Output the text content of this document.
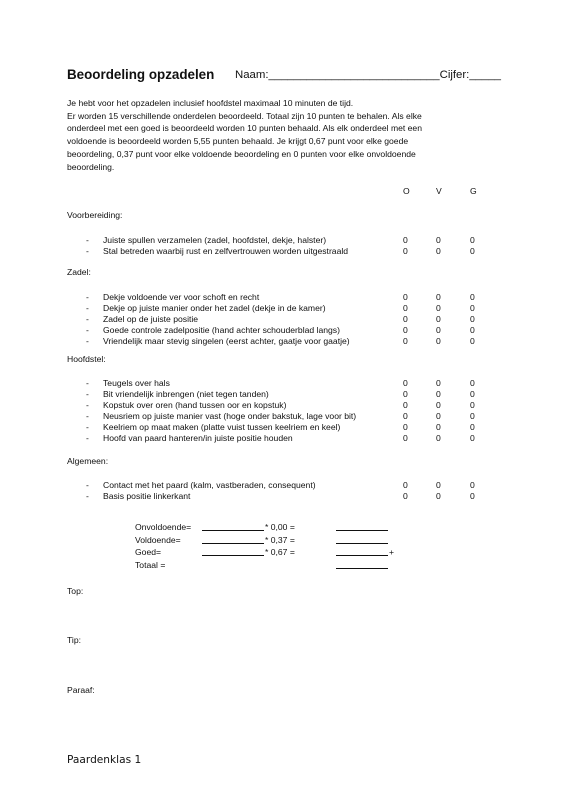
Beoordeling opzadelen Naam:___________________________Cijfer:_____
Je hebt voor het opzadelen inclusief hoofdstel maximaal 10 minuten de tijd.
Er worden 15 verschillende onderdelen beoordeeld. Totaal zijn 10 punten te behalen. Als elke
onderdeel met een goed is beoordeeld worden 10 punten behaald. Als elk onderdeel met een
voldoende is beoordeeld worden 5,55 punten behaald. Je krijgt 0,67 punt voor elke goede
beoordeling, 0,37 punt voor elke voldoende beoordeling en 0 punten voor elke onvoldoende
beoordeling.
O	V	G
Voorbereiding:
- Juiste spullen verzamelen (zadel, hoofdstel, dekje, halster)	0	0	0
- Stal betreden waarbij rust en zelfvertrouwen worden uitgestraald	0	0	0
Zadel:
- Dekje voldoende ver voor schoft en recht	0	0	0
- Dekje op juiste manier onder het zadel (dekje in de kamer)	0	0	0
- Zadel op de juiste positie	0	0	0
- Goede controle zadelpositie (hand achter schouderblad langs)	0	0	0
- Vriendelijk maar stevig singelen (eerst achter, gaatje voor gaatje)	0	0	0
Hoofdstel:
- Teugels over hals	0	0	0
- Bit vriendelijk inbrengen (niet tegen tanden)	0	0	0
- Kopstuk over oren (hand tussen oor en kopstuk)	0	0	0
- Neusriem op juiste manier vast (hoge onder bakstuk, lage voor bit)	0	0	0
- Keelriem op maat maken (platte vuist tussen keelriem en keel)	0	0	0
- Hoofd van paard hanteren/in juiste positie houden	0	0	0
Algemeen:
- Contact met het paard (kalm, vastberaden, consequent)	0	0	0
- Basis positie linkerkant	0	0	0
Onvoldoende=	* 0,00 =
Voldoende=	* 0,37 =
Goed=	* 0,67 =	+
Totaal =
Top:
Tip:
Paraaf:
Paardenklas 1
